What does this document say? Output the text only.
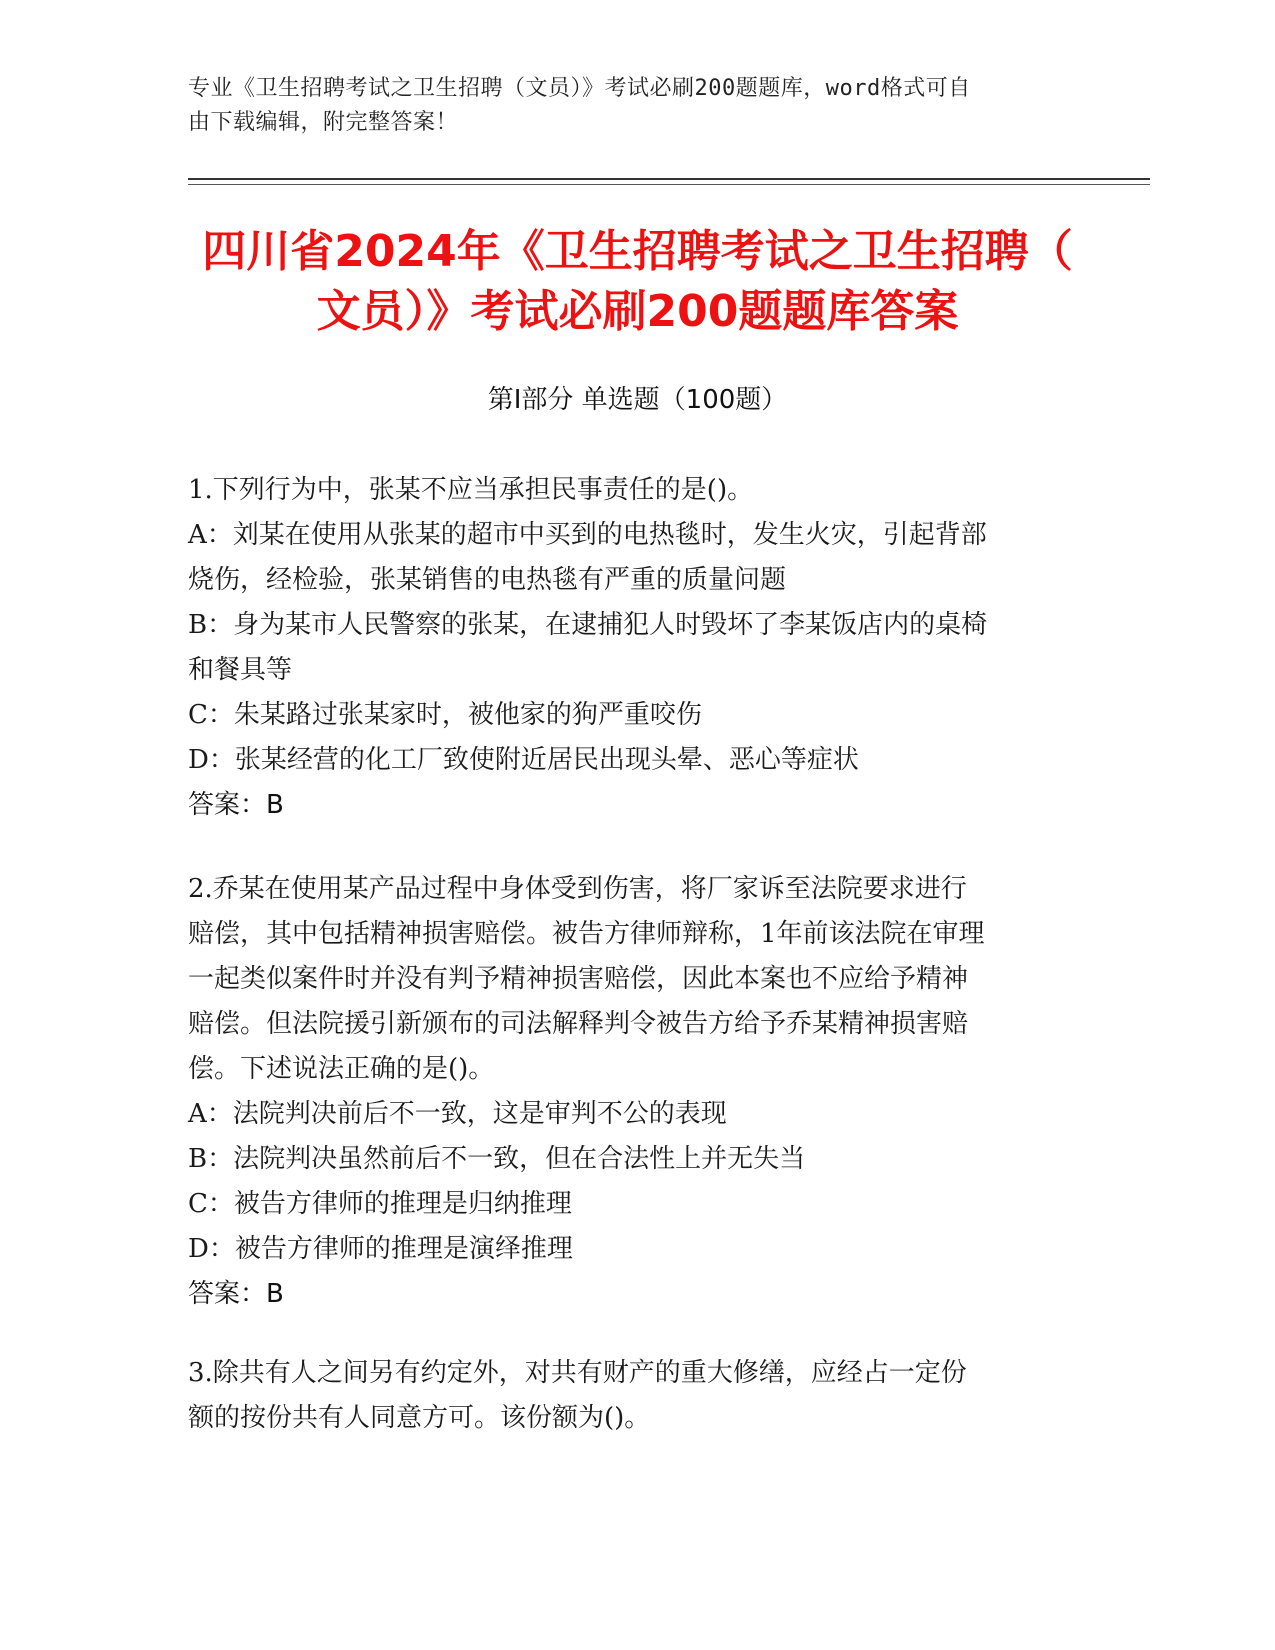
专业《卫生招聘考试之卫生招聘（文员）》考试必刷200题题库，word格式可自
由下载编辑，附完整答案！
四川省2024年《卫生招聘考试之卫生招聘（
文员）》考试必刷200题题库答案
第Ⅰ部分 单选题（100题）
1.下列行为中，张某不应当承担民事责任的是()。
A：刘某在使用从张某的超市中买到的电热毯时，发生火灾，引起背部
烧伤，经检验，张某销售的电热毯有严重的质量问题
B：身为某市人民警察的张某，在逮捕犯人时毁坏了李某饭店内的桌椅
和餐具等
C：朱某路过张某家时，被他家的狗严重咬伤
D：张某经营的化工厂致使附近居民出现头晕、恶心等症状
答案：B
2.乔某在使用某产品过程中身体受到伤害，将厂家诉至法院要求进行
赔偿，其中包括精神损害赔偿。被告方律师辩称，1年前该法院在审理
一起类似案件时并没有判予精神损害赔偿，因此本案也不应给予精神
赔偿。但法院援引新颁布的司法解释判令被告方给予乔某精神损害赔
偿。下述说法正确的是()。
A：法院判决前后不一致，这是审判不公的表现
B：法院判决虽然前后不一致，但在合法性上并无失当
C：被告方律师的推理是归纳推理
D：被告方律师的推理是演绎推理
答案：B
3.除共有人之间另有约定外，对共有财产的重大修缮，应经占一定份
额的按份共有人同意方可。该份额为()。
